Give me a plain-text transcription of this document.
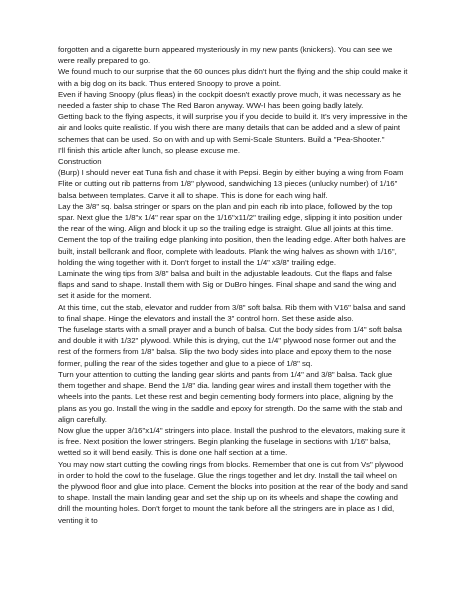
forgotten and a cigarette burn appeared mysteriously in my new pants (knickers). You can see we were really prepared to go.

We found much to our surprise that the 60 ounces plus didn't hurt the flying and the ship could make it with a big dog on its back. Thus entered Snoopy to prove a point.

Even if having Snoopy (plus fleas) in the cockpit doesn't exactly prove much, it was necessary as he needed a faster ship to chase The Red Baron anyway. WW-I has been going badly lately.

Getting back to the flying aspects, it will surprise you if you decide to build it. It's very impressive in the air and looks quite realistic. If you wish there are many details that can be added and a slew of paint schemes that can be used. So on with and up with Semi-Scale Stunters. Build a "Pea-Shooter."

I'll finish this article after lunch, so please excuse me.

Construction

(Burp) I should never eat Tuna fish and chase it with Pepsi. Begin by either buying a wing from Foam Flite or cutting out rib patterns from 1/8" plywood, sandwiching 13 pieces (unlucky number) of 1/16" balsa between templates. Carve it all to shape. This is done for each wing half.

Lay the 3/8" sq. balsa stringer or spars on the plan and pin each rib into place, followed by the top spar. Next glue the 1/8"x 1/4" rear spar on the 1/16"x11/2" trailing edge, slipping it into position under the rear of the wing. Align and block it up so the trailing edge is straight. Glue all joints at this time. Cement the top of the trailing edge planking into position, then the leading edge. After both halves are built, install bellcrank and floor, complete with leadouts. Plank the wing halves as shown with 1/16", holding the wing together with it. Don't forget to install the 1/4" x3/8" trailing edge.

Laminate the wing tips from 3/8" balsa and built in the adjustable leadouts. Cut the flaps and false flaps and sand to shape. Install them with Sig or DuBro hinges. Final shape and sand the wing and set it aside for the moment.

At this time, cut the stab, elevator and rudder from 3/8" soft balsa. Rib them with V16" balsa and sand to final shape. Hinge the elevators and install the 3" control horn. Set these aside also.

The fuselage starts with a small prayer and a bunch of balsa. Cut the body sides from 1/4" soft balsa and double it with 1/32" plywood. While this is drying, cut the 1/4" plywood nose former out and the rest of the formers from 1/8" balsa. Slip the two body sides into place and epoxy them to the nose former, pulling the rear of the sides together and glue to a piece of 1/8" sq.

Turn your attention to cutting the landing gear skirts and pants from 1/4" and 3/8" balsa. Tack glue them together and shape. Bend the 1/8" dia. landing gear wires and install them together with the wheels into the pants. Let these rest and begin cementing body formers into place, aligning by the plans as you go. Install the wing in the saddle and epoxy for strength. Do the same with the stab and align carefully.

Now glue the upper 3/16"x1/4" stringers into place. Install the pushrod to the elevators, making sure it is free. Next position the lower stringers. Begin planking the fuselage in sections with 1/16" balsa, wetted so it will bend easily. This is done one half section at a time.

You may now start cutting the cowling rings from blocks. Remember that one is cut from Vs" plywood in order to hold the cowl to the fuselage. Glue the rings together and let dry. Install the tail wheel on the plywood floor and glue into place. Cement the blocks into position at the rear of the body and sand to shape. Install the main landing gear and set the ship up on its wheels and shape the cowling and drill the mounting holes. Don't forget to mount the tank before all the stringers are in place as I did, venting it to
